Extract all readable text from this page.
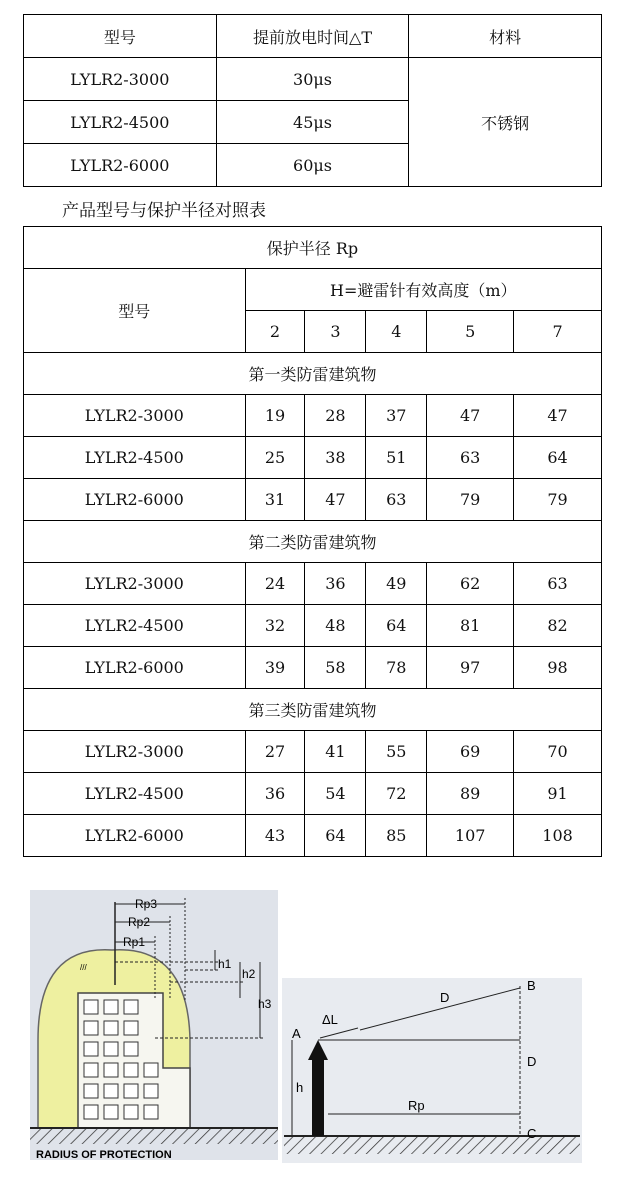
型号	提前放电时间△T	材料
LYLR2-3000	30μs	不锈钢
LYLR2-4500	45μs	
LYLR2-6000	60μs	
产品型号与保护半径对照表
保护半径 Rp					
型号	H=避雷针有效高度（m）				
	2	3	4	5	7
第一类防雷建筑物					
LYLR2-3000	19	28	37	47	47
LYLR2-4500	25	38	51	63	64
LYLR2-6000	31	47	63	79	79
第二类防雷建筑物					
LYLR2-3000	24	36	49	62	63
LYLR2-4500	32	48	64	81	82
LYLR2-6000	39	58	78	97	98
第三类防雷建筑物					
LYLR2-3000	27	41	55	69	70
LYLR2-4500	36	54	72	89	91
LYLR2-6000	43	64	85	107	108
///
Rp3
Rp2
Rp1
h1
h2
h3
RADIUS OF PROTECTION
A
B
C
D
D
ΔL
h
Rp
